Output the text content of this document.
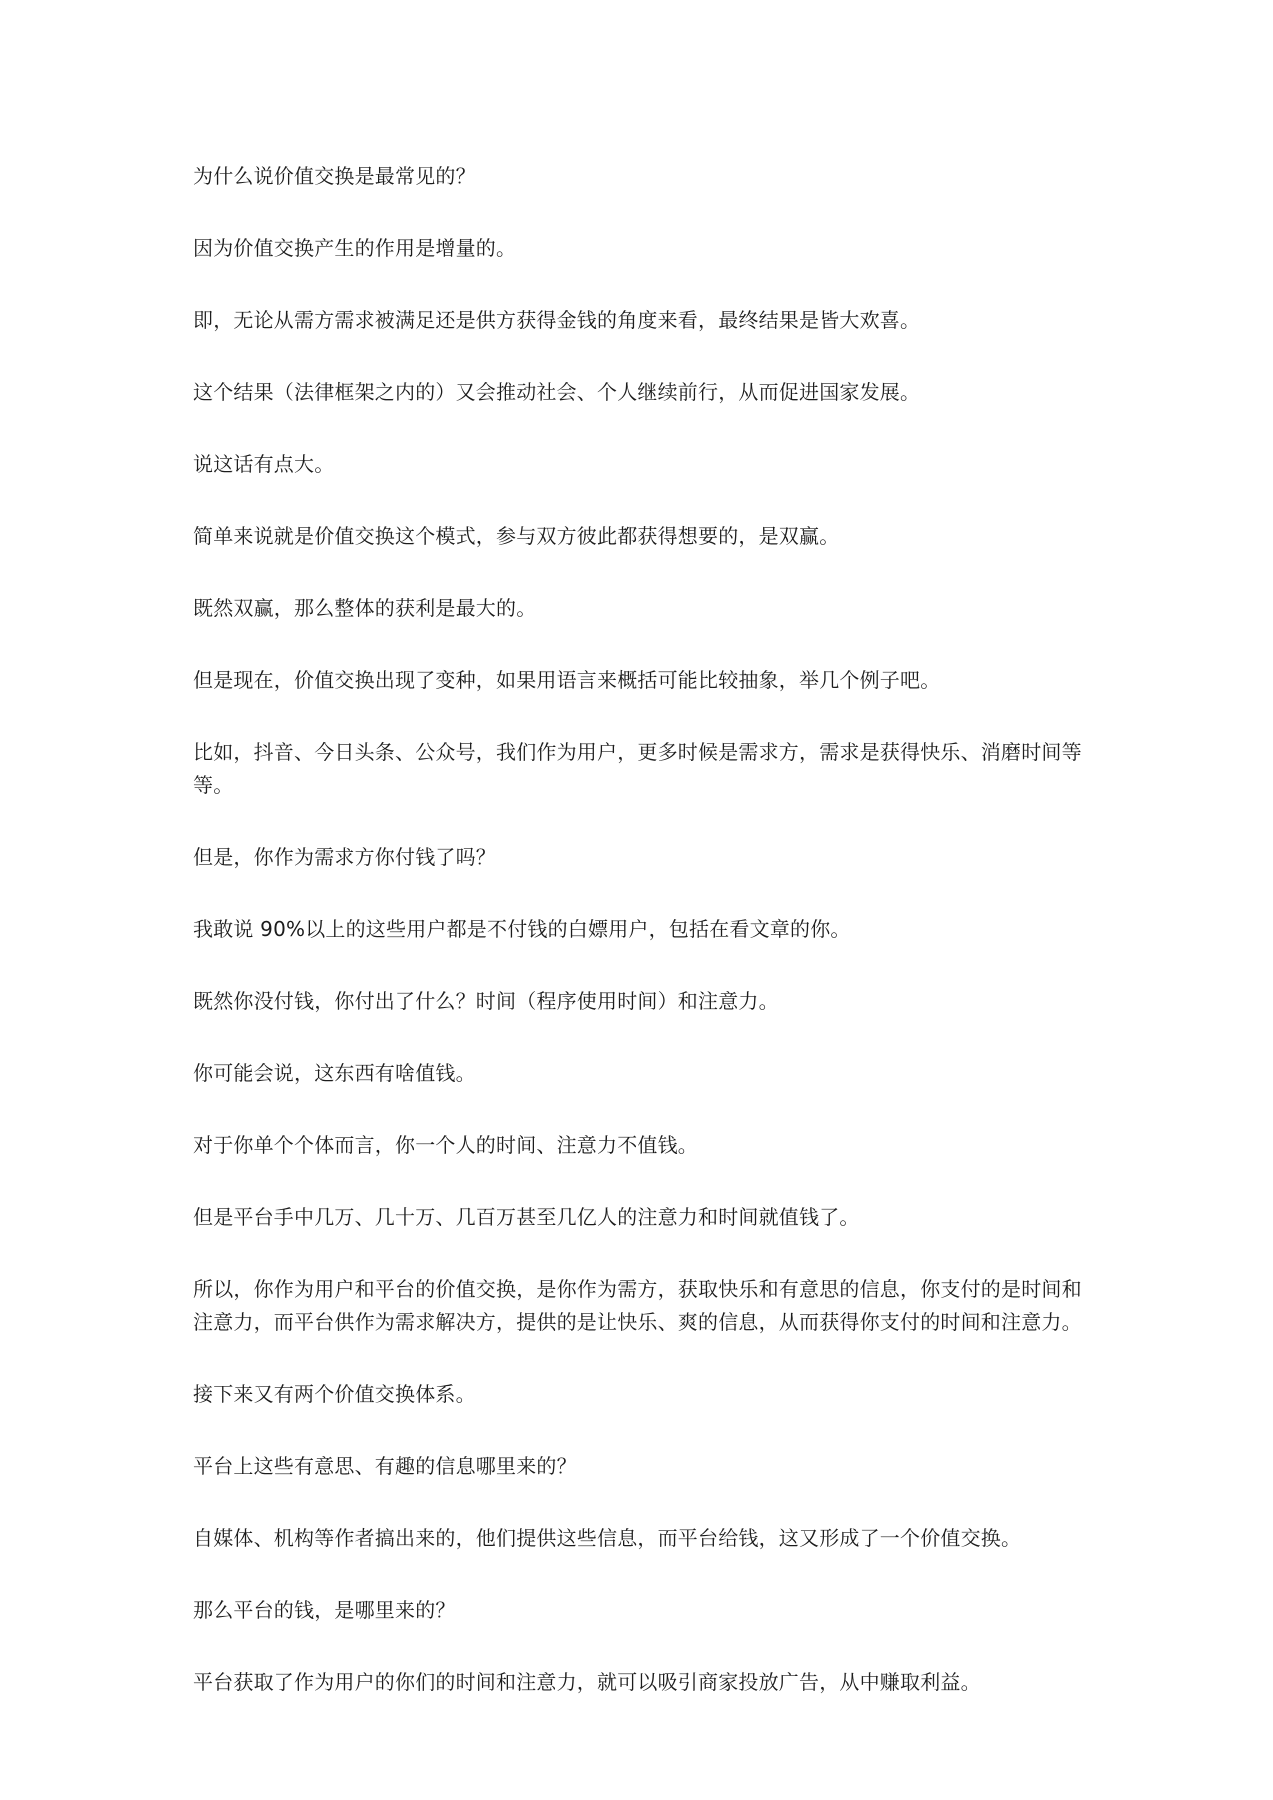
为什么说价值交换是最常见的？

因为价值交换产生的作用是增量的。

即，无论从需方需求被满足还是供方获得金钱的角度来看，最终结果是皆大欢喜。

这个结果（法律框架之内的）又会推动社会、个人继续前行，从而促进国家发展。

说这话有点大。

简单来说就是价值交换这个模式，参与双方彼此都获得想要的，是双赢。

既然双赢，那么整体的获利是最大的。

但是现在，价值交换出现了变种，如果用语言来概括可能比较抽象，举几个例子吧。

比如，抖音、今日头条、公众号，我们作为用户，更多时候是需求方，需求是获得快乐、消磨时间等等。

但是，你作为需求方你付钱了吗？

我敢说 90%以上的这些用户都是不付钱的白嫖用户，包括在看文章的你。

既然你没付钱，你付出了什么？时间（程序使用时间）和注意力。

你可能会说，这东西有啥值钱。

对于你单个个体而言，你一个人的时间、注意力不值钱。

但是平台手中几万、几十万、几百万甚至几亿人的注意力和时间就值钱了。

所以，你作为用户和平台的价值交换，是你作为需方，获取快乐和有意思的信息，你支付的是时间和注意力，而平台供作为需求解决方，提供的是让快乐、爽的信息，从而获得你支付的时间和注意力。

接下来又有两个价值交换体系。

平台上这些有意思、有趣的信息哪里来的？

自媒体、机构等作者搞出来的，他们提供这些信息，而平台给钱，这又形成了一个价值交换。

那么平台的钱，是哪里来的？

平台获取了作为用户的你们的时间和注意力，就可以吸引商家投放广告，从中赚取利益。
